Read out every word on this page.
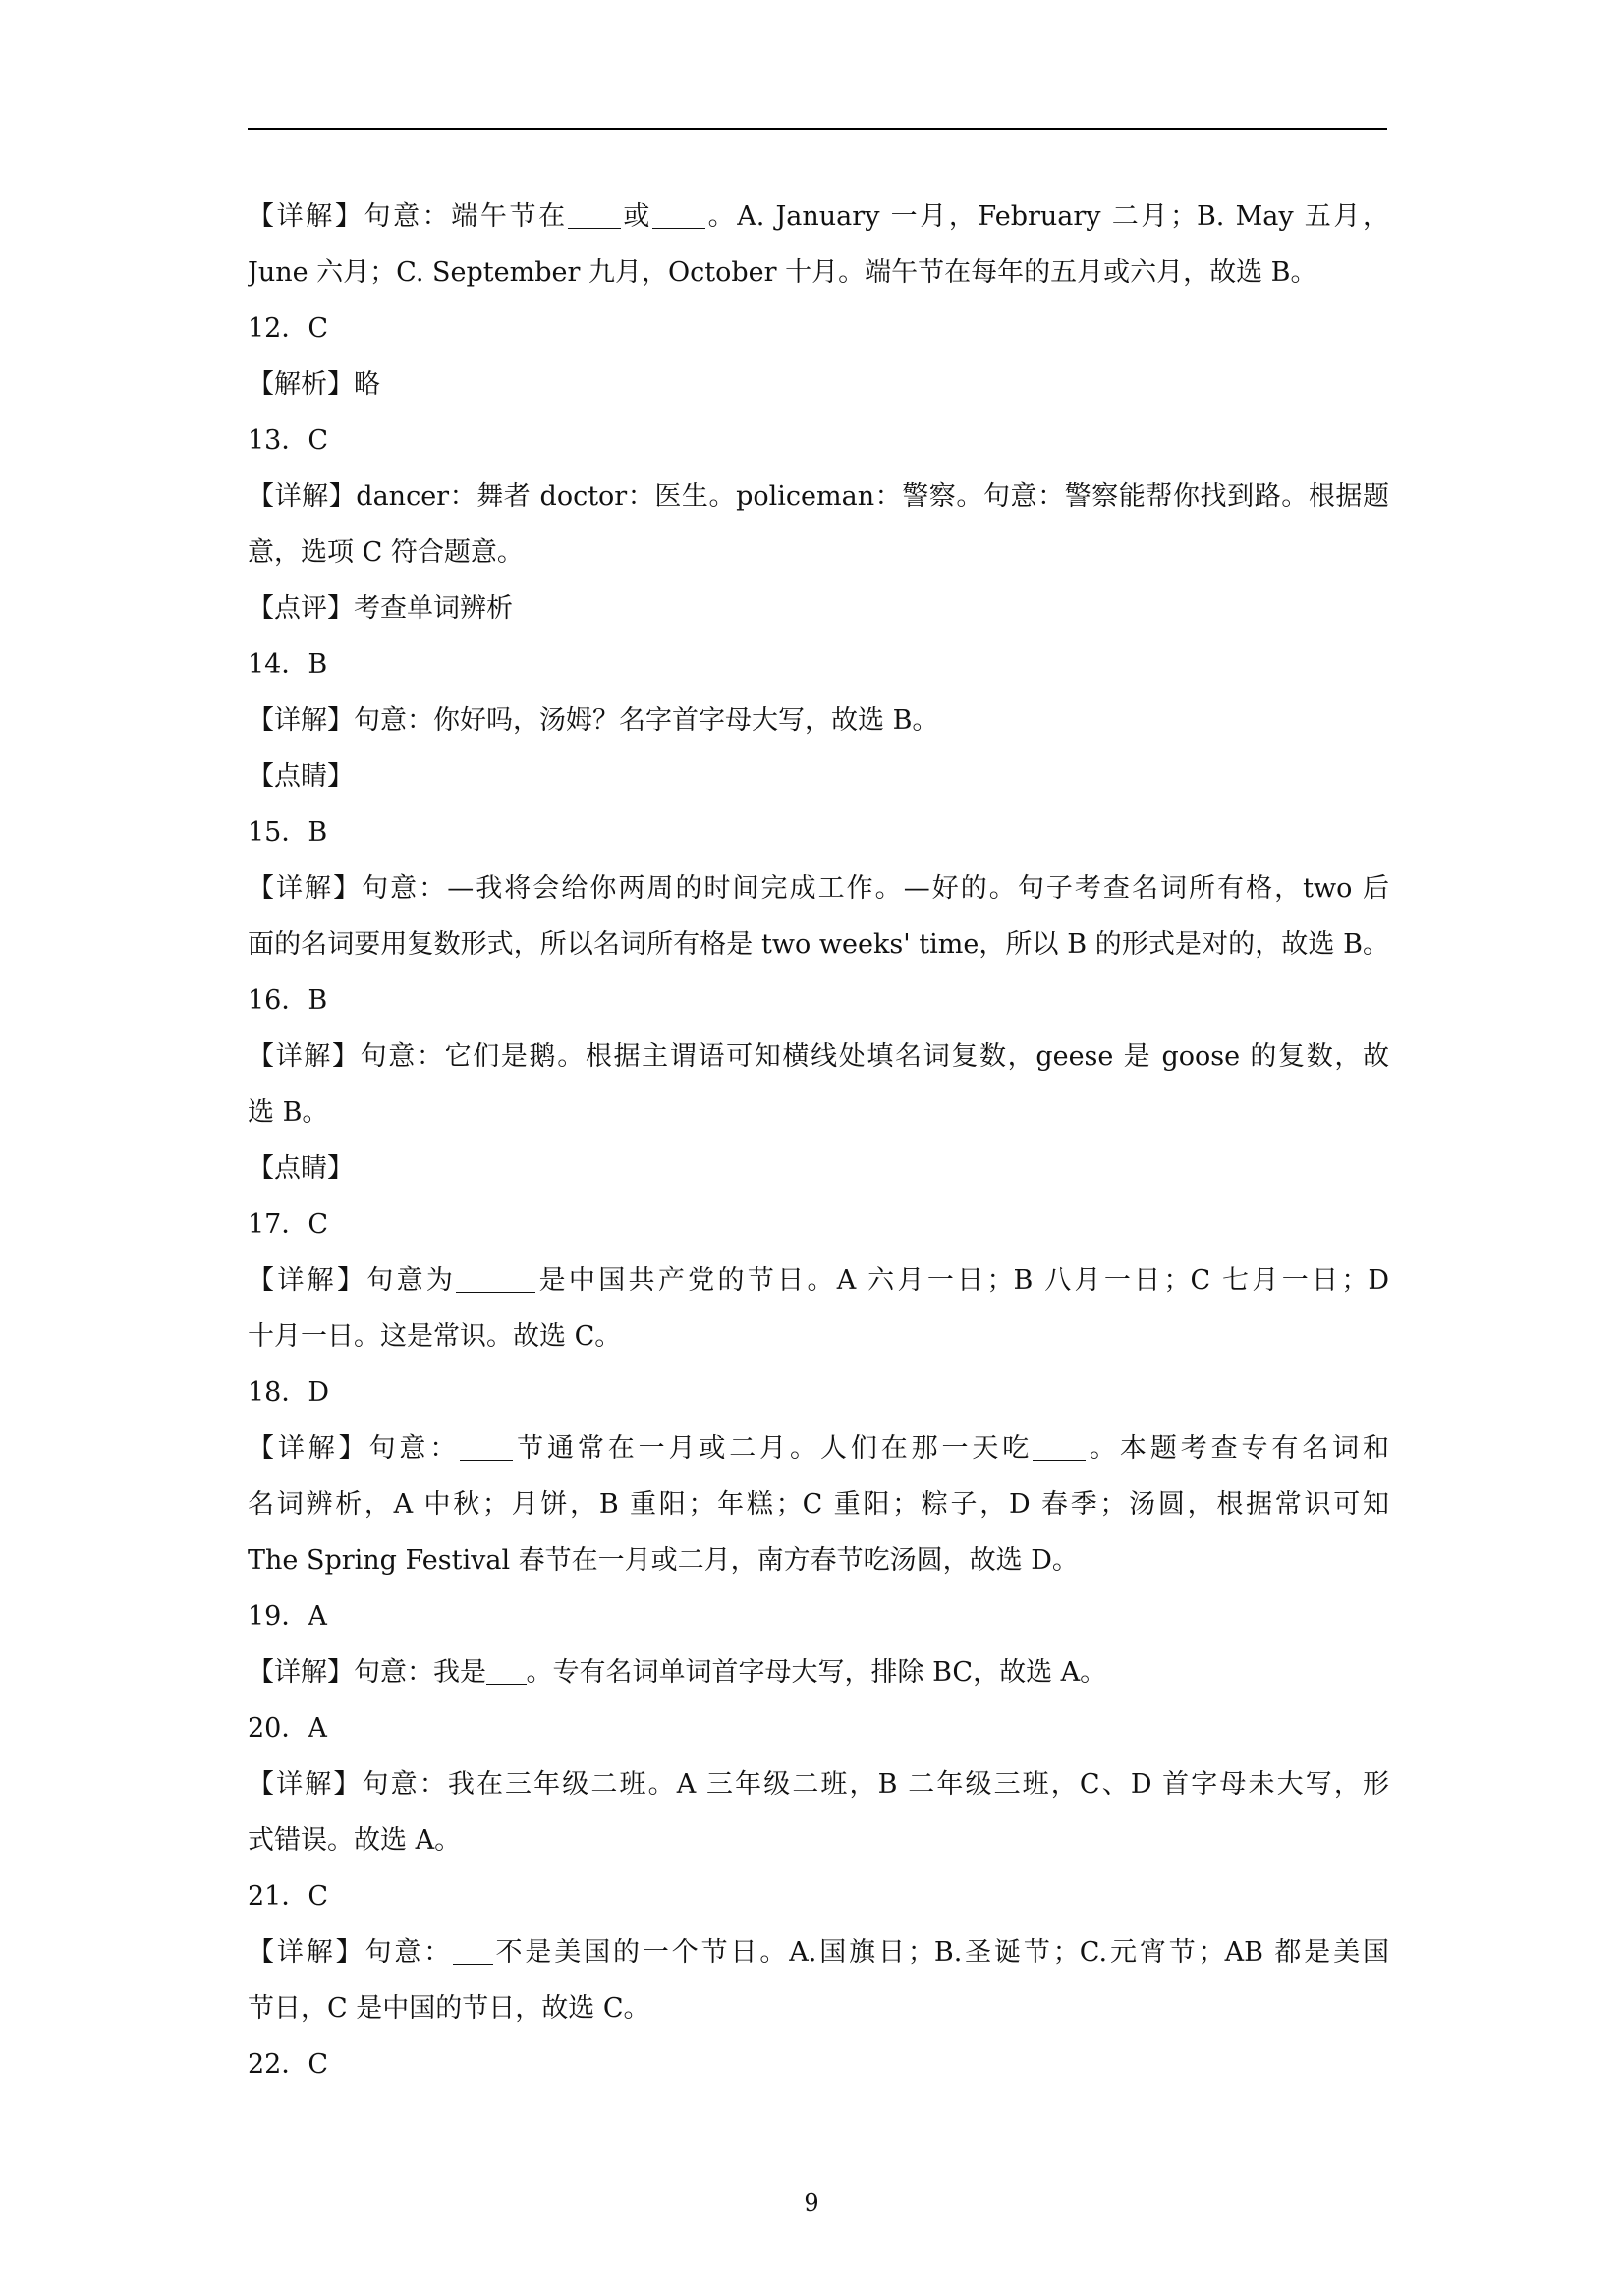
【详解】句意：端午节在 或 。A. January 一月，February 二月；B. May 五月，
June 六月；C. September 九月，October 十月。端午节在每年的五月或六月，故选 B。
12．C
【解析】略
13．C
【详解】dancer：舞者 doctor：医生。policeman：警察。句意：警察能帮你找到路。根据题
意，选项 C 符合题意。
【点评】考查单词辨析
14．B
【详解】句意：你好吗，汤姆？名字首字母大写，故选 B。
【点睛】
15．B
【详解】句意：—我将会给你两周的时间完成工作。—好的。句子考查名词所有格，two 后
面的名词要用复数形式，所以名词所有格是 two weeks' time，所以 B 的形式是对的，故选 B。
16．B
【详解】句意：它们是鹅。根据主谓语可知横线处填名词复数，geese 是 goose 的复数，故
选 B。
【点睛】
17．C
【详解】句意为	是中国共产党的节日。A 六月一日；B 八月一日；C 七月一日；D
十月一日。这是常识。故选 C。
18．D
【详解】句意： 节通常在一月或二月。人们在那一天吃 。本题考查专有名词和
名词辨析，A 中秋；月饼，B 重阳；年糕；C 重阳；粽子，D 春季；汤圆，根据常识可知
The Spring Festival 春节在一月或二月，南方春节吃汤圆，故选 D。
19．A
【详解】句意：我是 。专有名词单词首字母大写，排除 BC，故选 A。
20．A
【详解】句意：我在三年级二班。A 三年级二班，B 二年级三班，C、D 首字母未大写，形
式错误。故选 A。
21．C
【详解】句意： 不是美国的一个节日。A.国旗日；B.圣诞节；C.元宵节；AB 都是美国
节日，C 是中国的节日，故选 C。
22．C
9
